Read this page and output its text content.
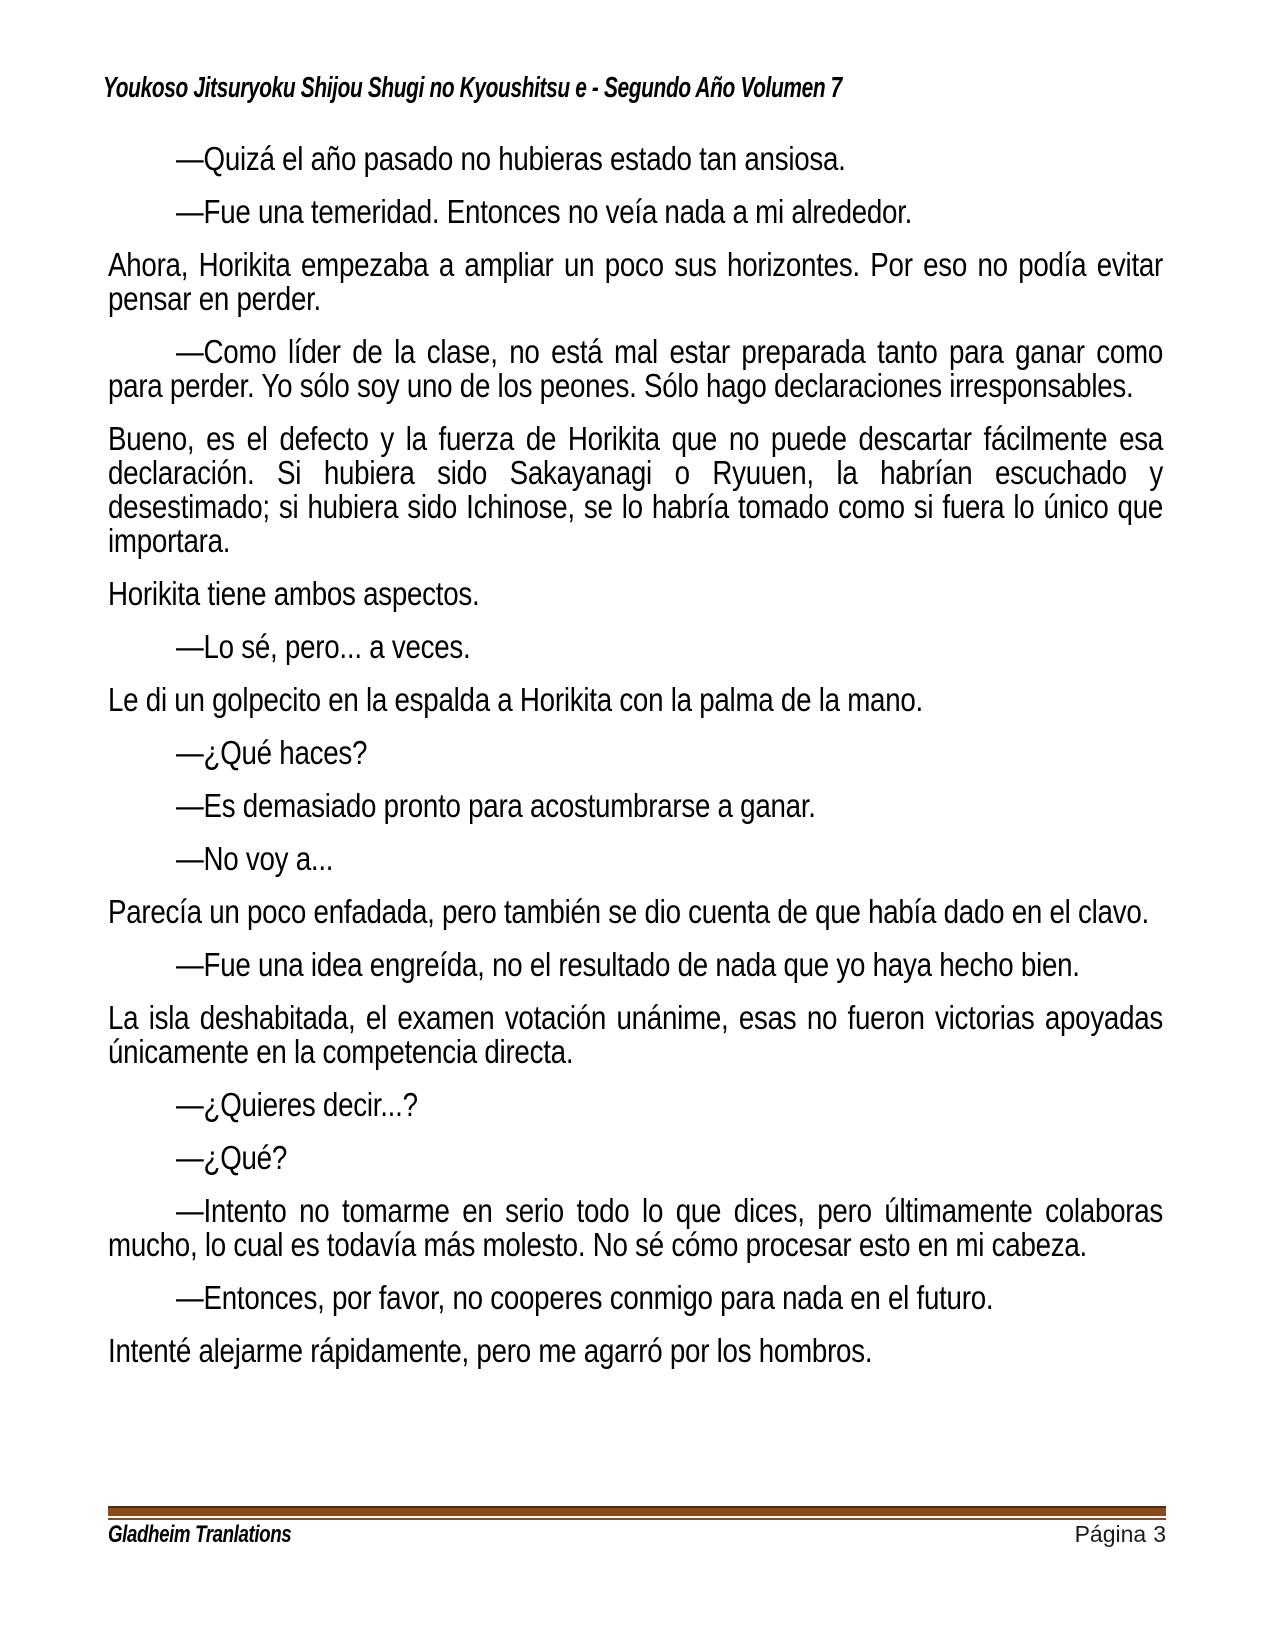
Youkoso Jitsuryoku Shijou Shugi no Kyoushitsu e - Segundo Año Volumen 7

—Quizá el año pasado no hubieras estado tan ansiosa.

—Fue una temeridad. Entonces no veía nada a mi alrededor.

Ahora, Horikita empezaba a ampliar un poco sus horizontes. Por eso no podía evitar pensar en perder.

—Como líder de la clase, no está mal estar preparada tanto para ganar como para perder. Yo sólo soy uno de los peones. Sólo hago declaraciones irresponsables.

Bueno, es el defecto y la fuerza de Horikita que no puede descartar fácilmente esa declaración. Si hubiera sido Sakayanagi o Ryuuen, la habrían escuchado y desestimado; si hubiera sido Ichinose, se lo habría tomado como si fuera lo único que importara.

Horikita tiene ambos aspectos.

—Lo sé, pero... a veces.

Le di un golpecito en la espalda a Horikita con la palma de la mano.

—¿Qué haces?

—Es demasiado pronto para acostumbrarse a ganar.

—No voy a...

Parecía un poco enfadada, pero también se dio cuenta de que había dado en el clavo.

—Fue una idea engreída, no el resultado de nada que yo haya hecho bien.

La isla deshabitada, el examen votación unánime, esas no fueron victorias apoyadas únicamente en la competencia directa.

—¿Quieres decir...?

—¿Qué?

—Intento no tomarme en serio todo lo que dices, pero últimamente colaboras mucho, lo cual es todavía más molesto. No sé cómo procesar esto en mi cabeza.

—Entonces, por favor, no cooperes conmigo para nada en el futuro.

Intenté alejarme rápidamente, pero me agarró por los hombros.

Gladheim Tranlations	Página 3
